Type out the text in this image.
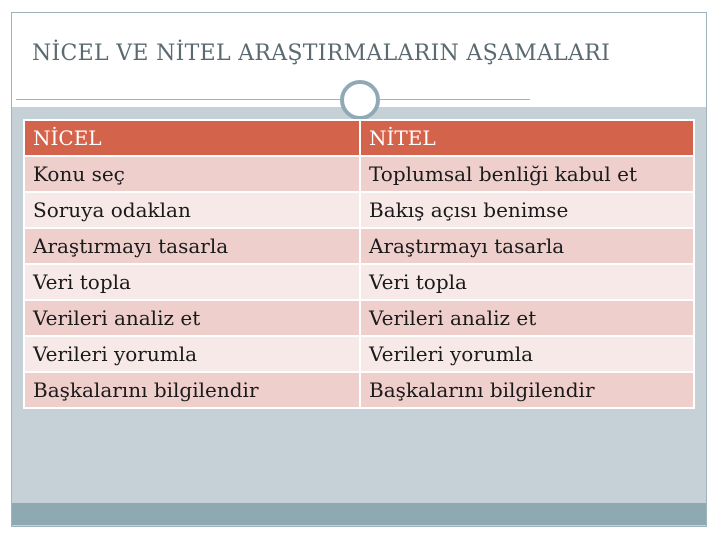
NİCEL VE NİTEL ARAŞTIRMALARIN AŞAMALARI
NİCEL	NİTEL
Konu seç	Toplumsal benliği kabul et
Soruya odaklan	Bakış açısı benimse
Araştırmayı tasarla	Araştırmayı tasarla
Veri topla	Veri topla
Verileri analiz et	Verileri analiz et
Verileri yorumla	Verileri yorumla
Başkalarını bilgilendir	Başkalarını bilgilendir
